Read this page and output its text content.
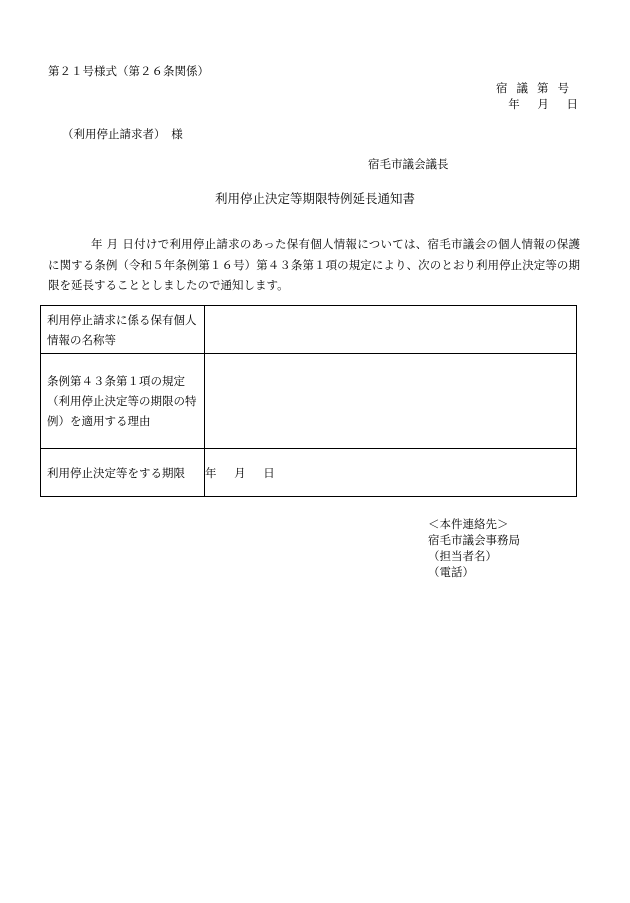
第２１号様式（第２６条関係）
宿議第号
年 月 日
（利用停止請求者）　様
宿毛市議会議長
利用停止決定等期限特例延長通知書
年 月 日付けで利用停止請求のあった保有個人情報については、宿毛市議会の個人情報の保護に関する条例（令和５年条例第１６号）第４３条第１項の規定により、次のとおり利用停止決定等の期限を延長することとしましたので通知します。
利用停止請求に係る保有個人情報の名称等	

条例第４３条第１項の規定（利用停止決定等の期限の特例）を適用する理由	

利用停止決定等をする期限	年 月 日
＜本件連絡先＞
宿毛市議会事務局
（担当者名）
（電話）
